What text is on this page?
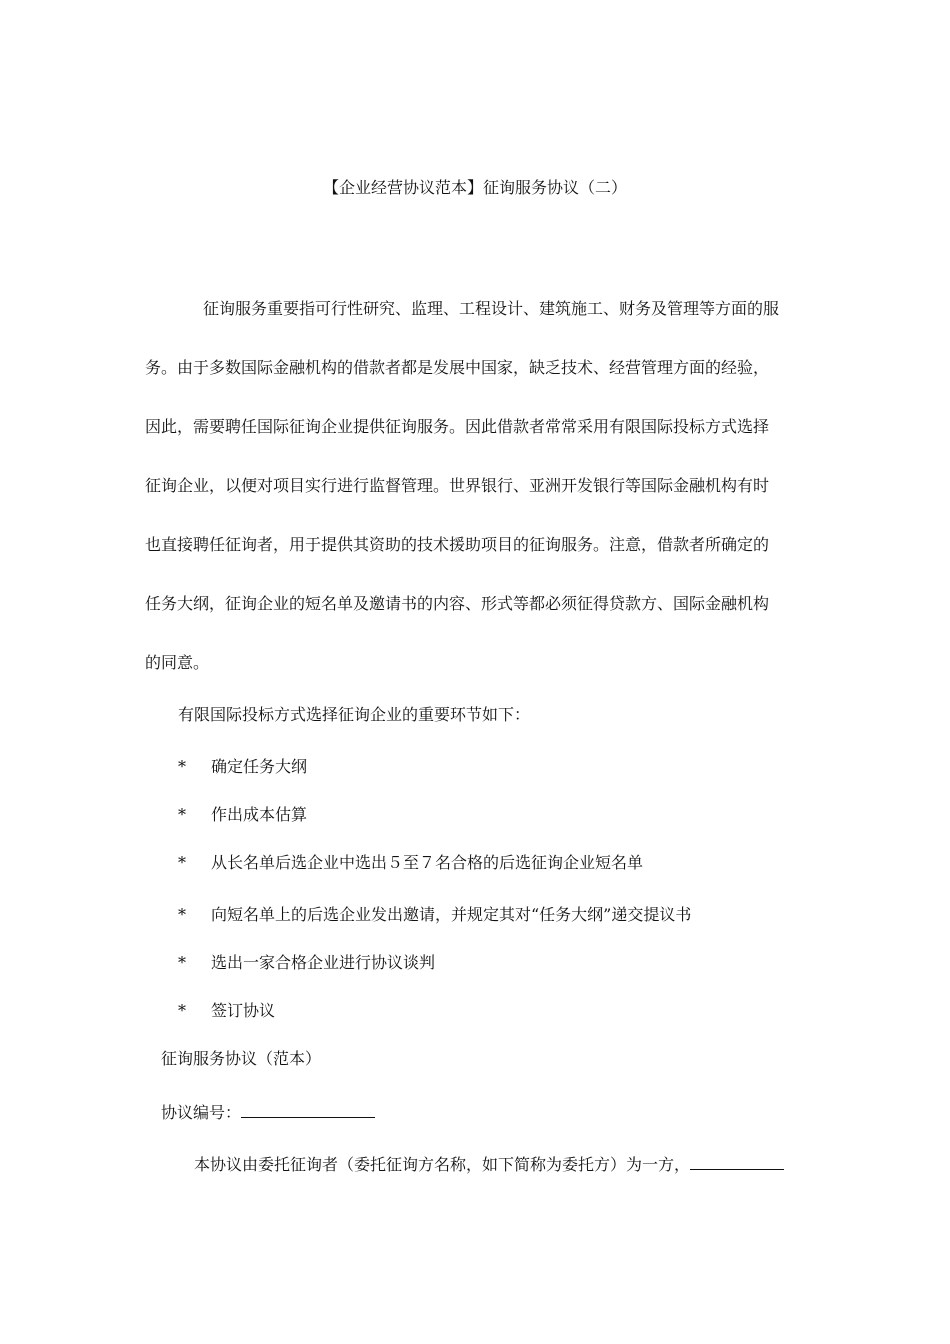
【企业经营协议范本】征询服务协议（二）
征询服务重要指可行性研究、监理、工程设计、建筑施工、财务及管理等方面的服
务。由于多数国际金融机构的借款者都是发展中国家，缺乏技术、经营管理方面的经验，
因此，需要聘任国际征询企业提供征询服务。因此借款者常常采用有限国际投标方式选择
征询企业，以便对项目实行进行监督管理。世界银行、亚洲开发银行等国际金融机构有时
也直接聘任征询者，用于提供其资助的技术援助项目的征询服务。注意，借款者所确定的
任务大纲，征询企业的短名单及邀请书的内容、形式等都必须征得贷款方、国际金融机构
的同意。
有限国际投标方式选择征询企业的重要环节如下：
* 确定任务大纲
* 作出成本估算
* 从长名单后选企业中选出５至７名合格的后选征询企业短名单
* 向短名单上的后选企业发出邀请，并规定其对“任务大纲”递交提议书
* 选出一家合格企业进行协议谈判
* 签订协议
征询服务协议（范本）
协议编号：
本协议由委托征询者（委托征询方名称，如下简称为委托方）为一方，
